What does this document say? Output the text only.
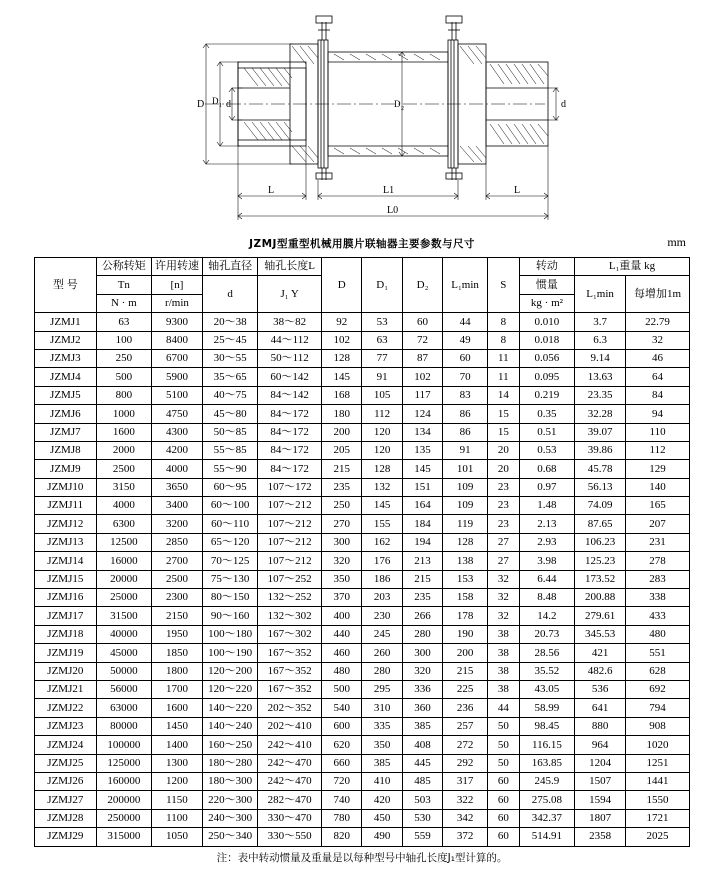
D D 1 d	D 2	d
L	L1	L
L0
JZMJ型重型机械用膜片联轴器主要参数与尺寸	mm
型 号	公称转矩	许用转速	轴孔直径	轴孔长度L	D	D₁	D₂	L₁min	S	转动	L₁重量 kg	
	Tn	[n]	d	J₁ Y						惯量	L₁min	每增加1m
	N · m	r/min								kg · m²		
JZMJ1	63	9300	20～38	38～82	92	53	60	44	8	0.010	3.7	22.79
JZMJ2	100	8400	25～45	44～112	102	63	72	49	8	0.018	6.3	32
JZMJ3	250	6700	30～55	50～112	128	77	87	60	11	0.056	9.14	46
JZMJ4	500	5900	35～65	60～142	145	91	102	70	11	0.095	13.63	64
JZMJ5	800	5100	40～75	84～142	168	105	117	83	14	0.219	23.35	84
JZMJ6	1000	4750	45～80	84～172	180	112	124	86	15	0.35	32.28	94
JZMJ7	1600	4300	50～85	84～172	200	120	134	86	15	0.51	39.07	110
JZMJ8	2000	4200	55～85	84～172	205	120	135	91	20	0.53	39.86	112
JZMJ9	2500	4000	55～90	84～172	215	128	145	101	20	0.68	45.78	129
JZMJ10	3150	3650	60～95	107～172	235	132	151	109	23	0.97	56.13	140
JZMJ11	4000	3400	60～100	107～212	250	145	164	109	23	1.48	74.09	165
JZMJ12	6300	3200	60～110	107～212	270	155	184	119	23	2.13	87.65	207
JZMJ13	12500	2850	65～120	107～212	300	162	194	128	27	2.93	106.23	231
JZMJ14	16000	2700	70～125	107～212	320	176	213	138	27	3.98	125.23	278
JZMJ15	20000	2500	75～130	107～252	350	186	215	153	32	6.44	173.52	283
JZMJ16	25000	2300	80～150	132～252	370	203	235	158	32	8.48	200.88	338
JZMJ17	31500	2150	90～160	132～302	400	230	266	178	32	14.2	279.61	433
JZMJ18	40000	1950	100～180	167～302	440	245	280	190	38	20.73	345.53	480
JZMJ19	45000	1850	100～190	167～352	460	260	300	200	38	28.56	421	551
JZMJ20	50000	1800	120～200	167～352	480	280	320	215	38	35.52	482.6	628
JZMJ21	56000	1700	120～220	167～352	500	295	336	225	38	43.05	536	692
JZMJ22	63000	1600	140～220	202～352	540	310	360	236	44	58.99	641	794
JZMJ23	80000	1450	140～240	202～410	600	335	385	257	50	98.45	880	908
JZMJ24	100000	1400	160～250	242～410	620	350	408	272	50	116.15	964	1020
JZMJ25	125000	1300	180～280	242～470	660	385	445	292	50	163.85	1204	1251
JZMJ26	160000	1200	180～300	242～470	720	410	485	317	60	245.9	1507	1441
JZMJ27	200000	1150	220～300	282～470	740	420	503	322	60	275.08	1594	1550
JZMJ28	250000	1100	240～300	330～470	780	450	530	342	60	342.37	1807	1721
JZMJ29	315000	1050	250～340	330～550	820	490	559	372	60	514.91	2358	2025
注：表中转动惯量及重量是以每种型号中轴孔长度J₁型计算的。
